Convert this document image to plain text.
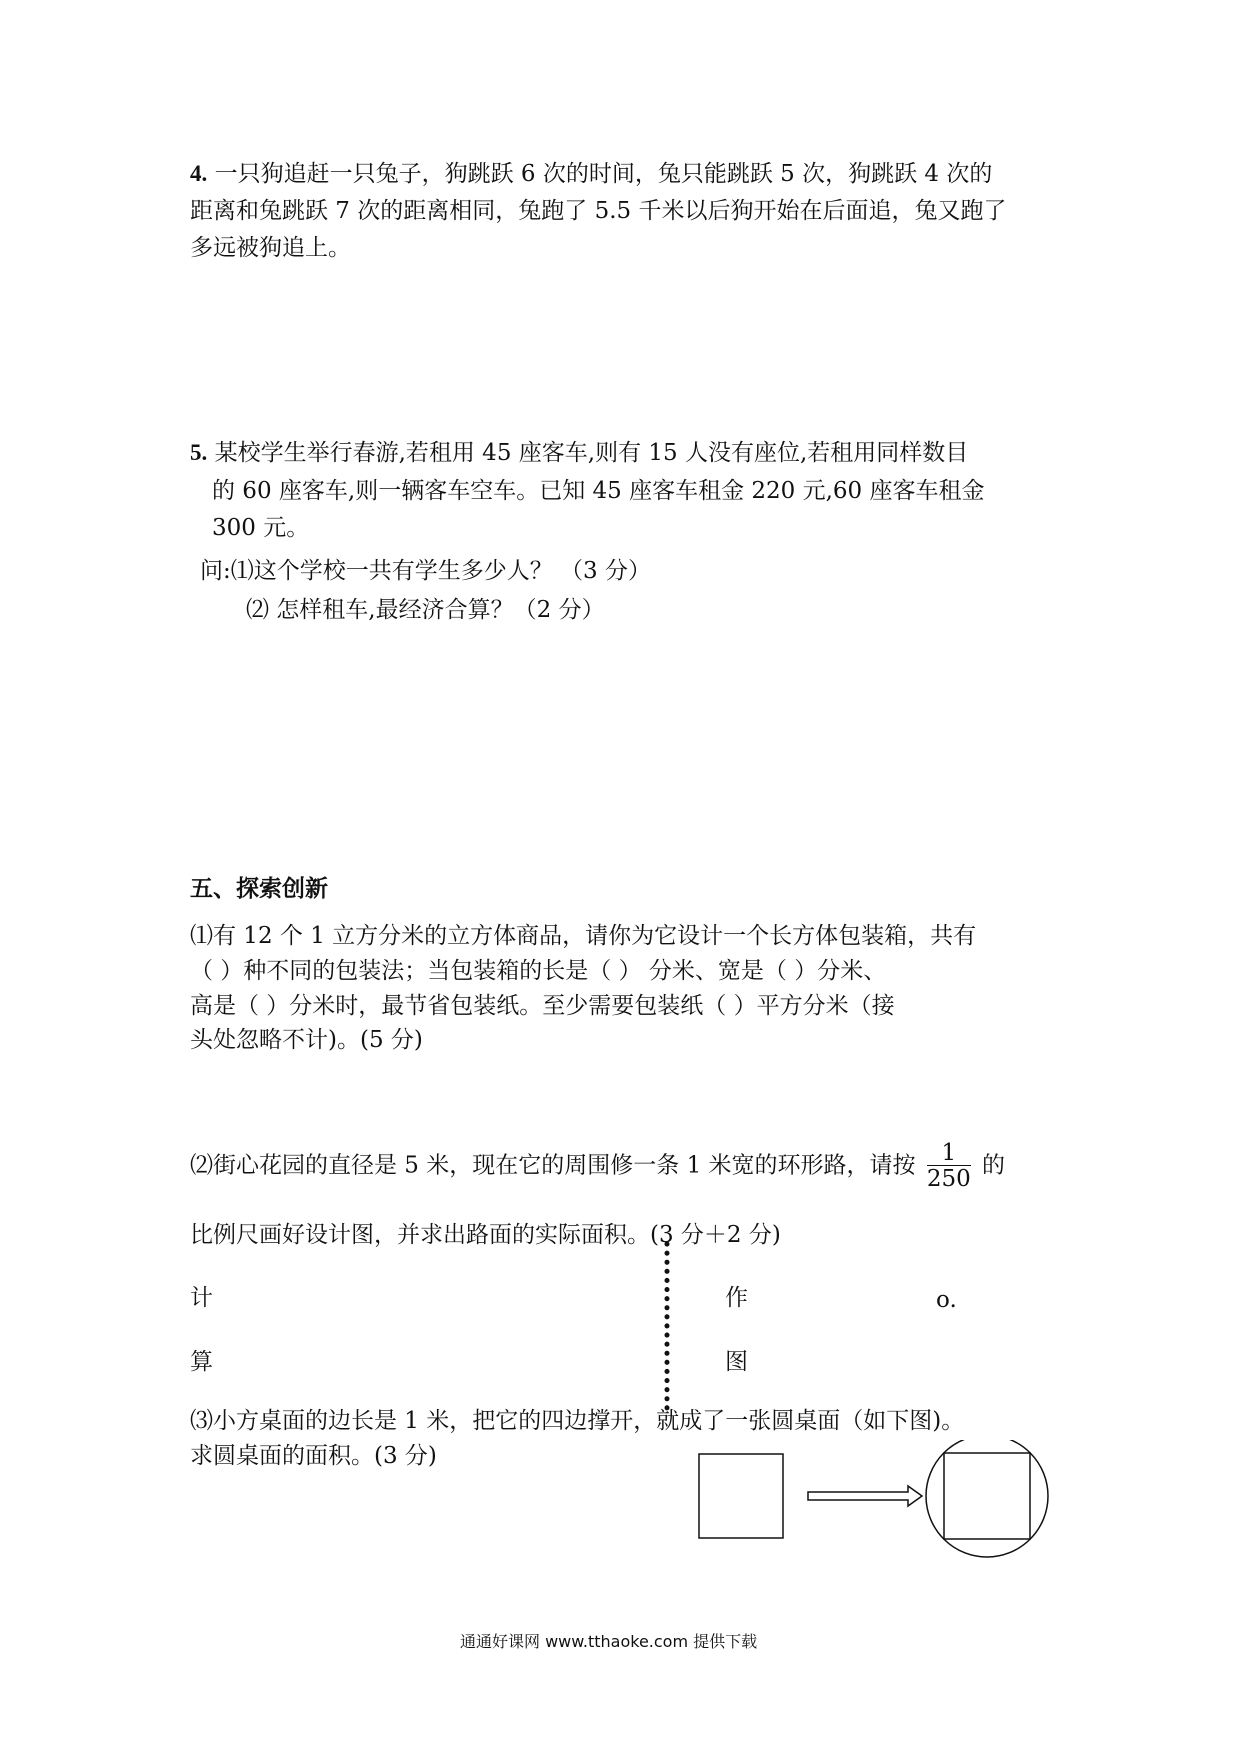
4. 一只狗追赶一只兔子，狗跳跃 6 次的时间，兔只能跳跃 5 次，狗跳跃 4 次的
距离和兔跳跃 7 次的距离相同，兔跑了 5.5 千米以后狗开始在后面追，兔又跑了
多远被狗追上。
5. 某校学生举行春游,若租用 45 座客车,则有 15 人没有座位,若租用同样数目
的 60 座客车,则一辆客车空车。已知 45 座客车租金 220 元,60 座客车租金
300 元。
问:⑴这个学校一共有学生多少人？ （3 分）
⑵ 怎样租车,最经济合算？（2 分）
五、探索创新
⑴有 12 个 1 立方分米的立方体商品，请你为它设计一个长方体包装箱，共有
（ ）种不同的包装法；当包装箱的长是（ ） 分米、宽是（ ）分米、
高是（ ）分米时，最节省包装纸。至少需要包装纸（ ）平方分米（接
头处忽略不计)。(5 分)
⑵街心花园的直径是 5 米，现在它的周围修一条 1 米宽的环形路，请按 $\frac{1}{250}$ 的
比例尺画好设计图，并求出路面的实际面积。(3 分＋2 分)
计
算
作
图
o.
⑶小方桌面的边长是 1 米，把它的四边撑开，就成了一张圆桌面（如下图)。
求圆桌面的面积。(3 分)
通通好课网 www.tthaoke.com 提供下载
